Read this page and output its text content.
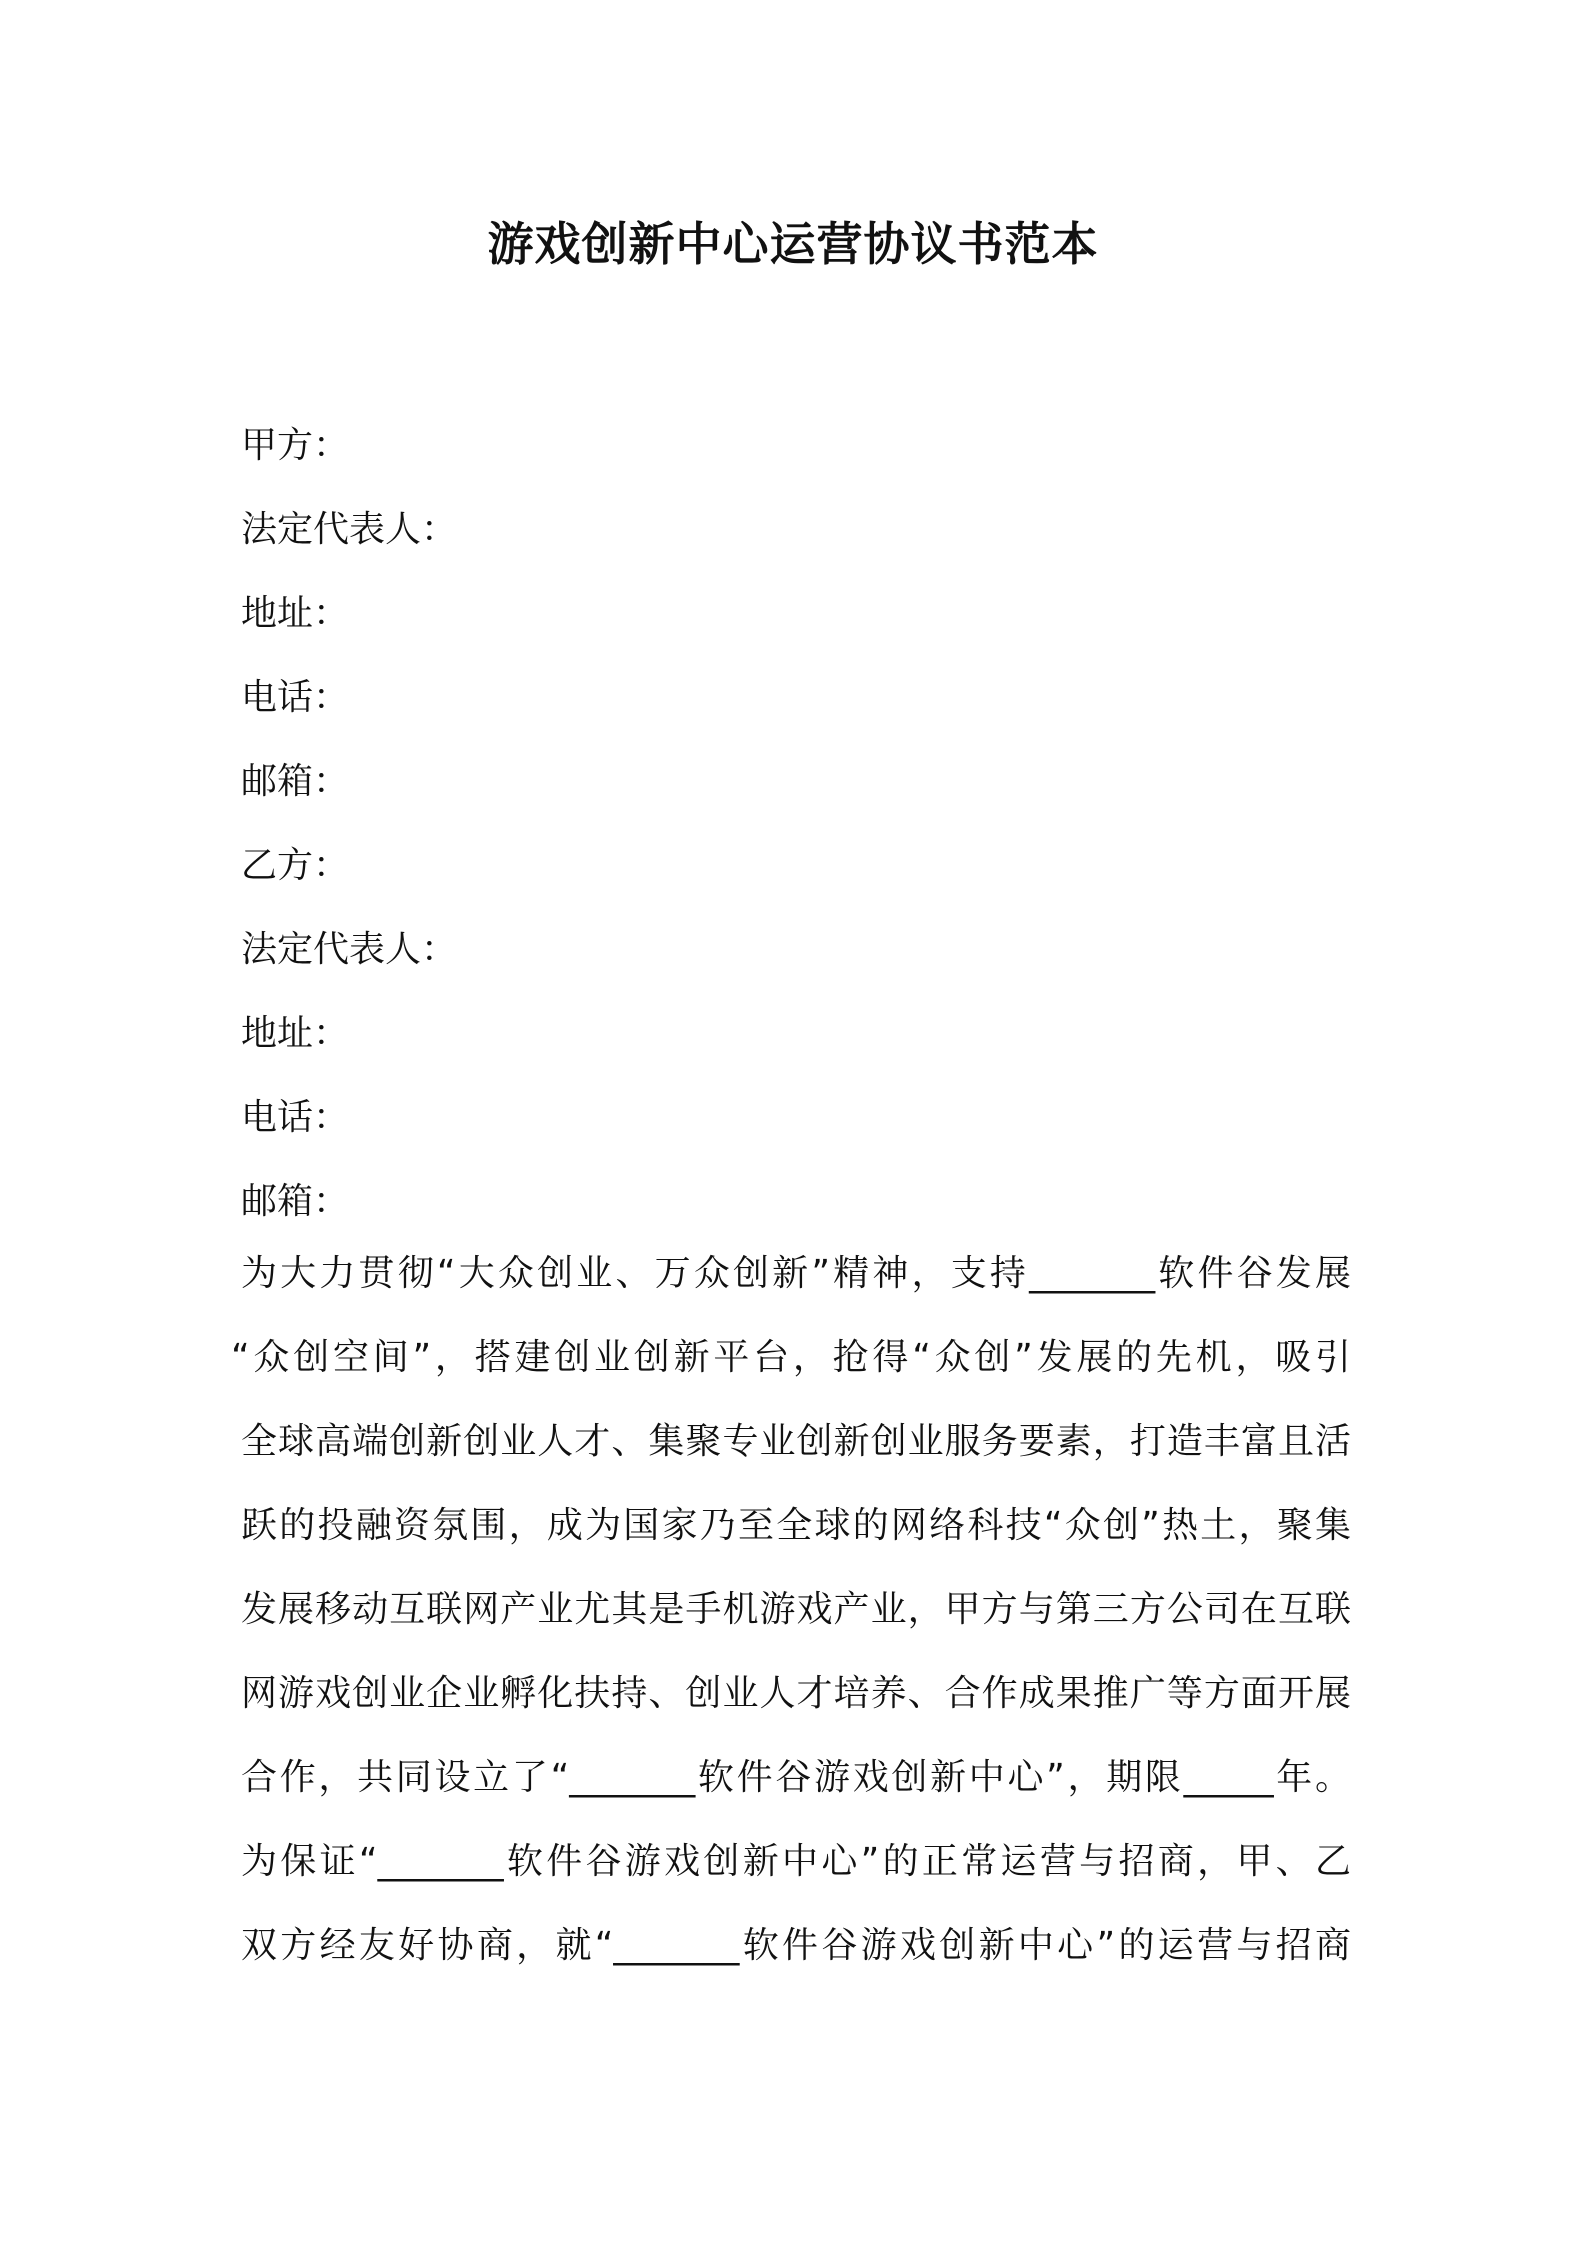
游戏创新中心运营协议书范本
甲方：
法定代表人：
地址：
电话：
邮箱：
乙方：
法定代表人：
地址：
电话：
邮箱：
为大力贯彻“大众创业、万众创新”精神，支持_______软件谷发展
“众创空间”，搭建创业创新平台，抢得“众创”发展的先机，吸引
全球高端创新创业人才、集聚专业创新创业服务要素，打造丰富且活
跃的投融资氛围，成为国家乃至全球的网络科技“众创”热土，聚集
发展移动互联网产业尤其是手机游戏产业，甲方与第三方公司在互联
网游戏创业企业孵化扶持、创业人才培养、合作成果推广等方面开展
合作，共同设立了“_______软件谷游戏创新中心”，期限_____年。
为保证“_______软件谷游戏创新中心”的正常运营与招商，甲、乙
双方经友好协商，就“_______软件谷游戏创新中心”的运营与招商
